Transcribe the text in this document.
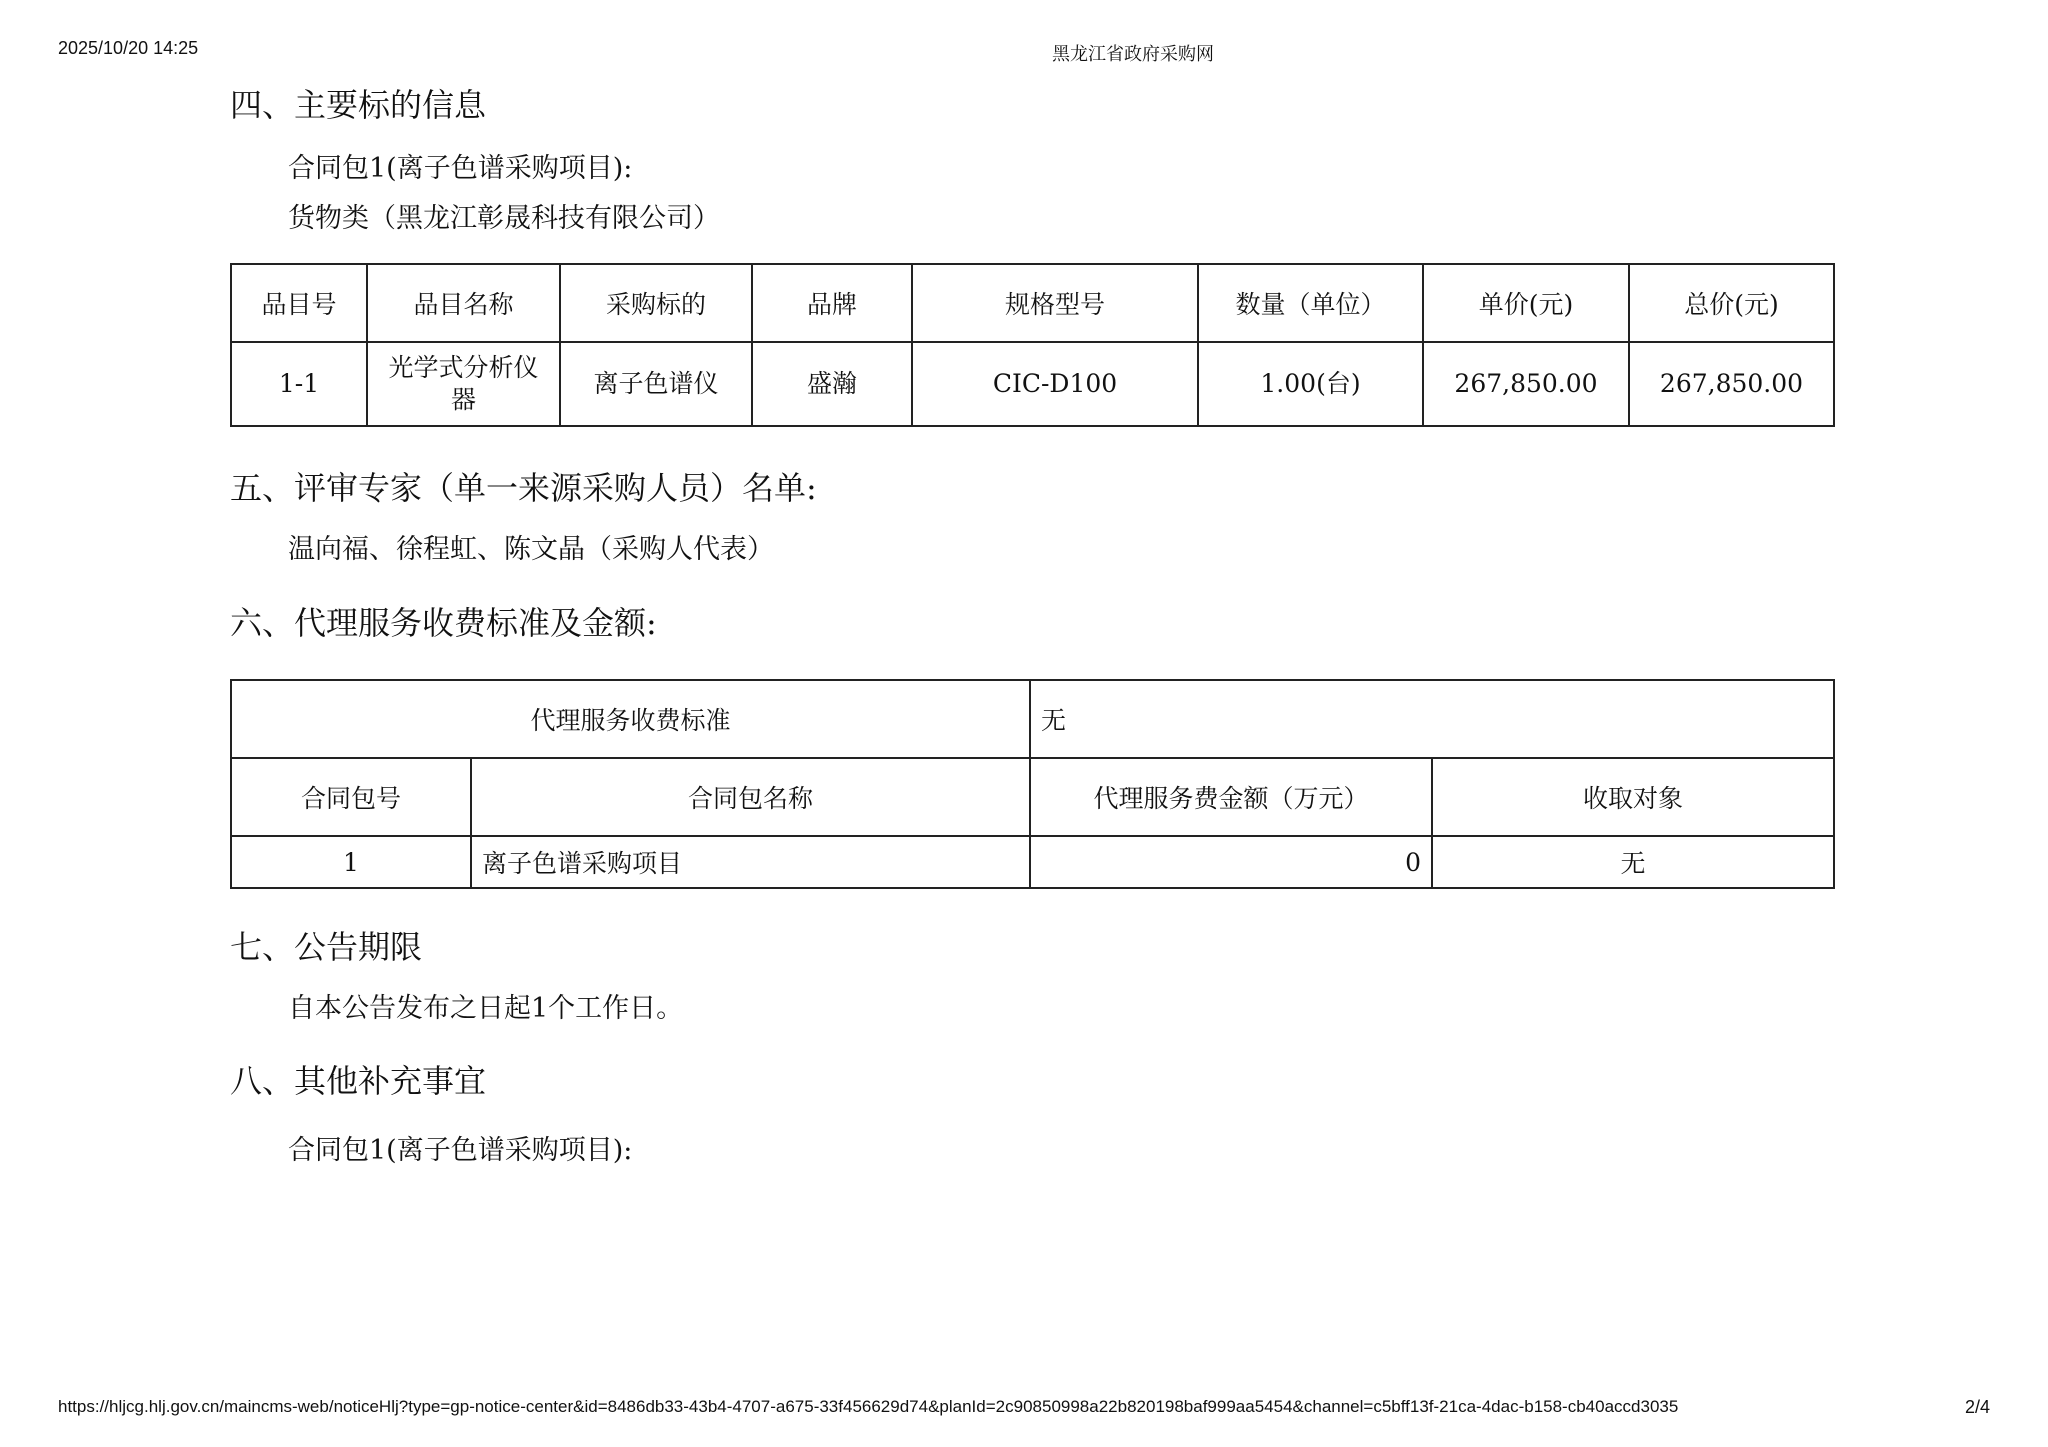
2025/10/20 14:25	黑龙江省政府采购网
四、主要标的信息
合同包1(离子色谱采购项目):
货物类（黑龙江彰晟科技有限公司）
品目号	品目名称	采购标的	品牌	规格型号	数量（单位）	单价(元)	总价(元)
1-1	光学式分析仪器	离子色谱仪	盛瀚	CIC-D100	1.00(台)	267,850.00	267,850.00
五、评审专家（单一来源采购人员）名单:
温向福、徐程虹、陈文晶（采购人代表）
六、代理服务收费标准及金额:
代理服务收费标准		无	
合同包号	合同包名称	代理服务费金额（万元）	收取对象
1	离子色谱采购项目	0	无
七、公告期限
自本公告发布之日起1个工作日。
八、其他补充事宜
合同包1(离子色谱采购项目):
https://hljcg.hlj.gov.cn/maincms-web/noticeHlj?type=gp-notice-center&id=8486db33-43b4-4707-a675-33f456629d74&planId=2c90850998a22b820198baf999aa5454&channel=c5bff13f-21ca-4dac-b158-cb40accd3035	2/4
